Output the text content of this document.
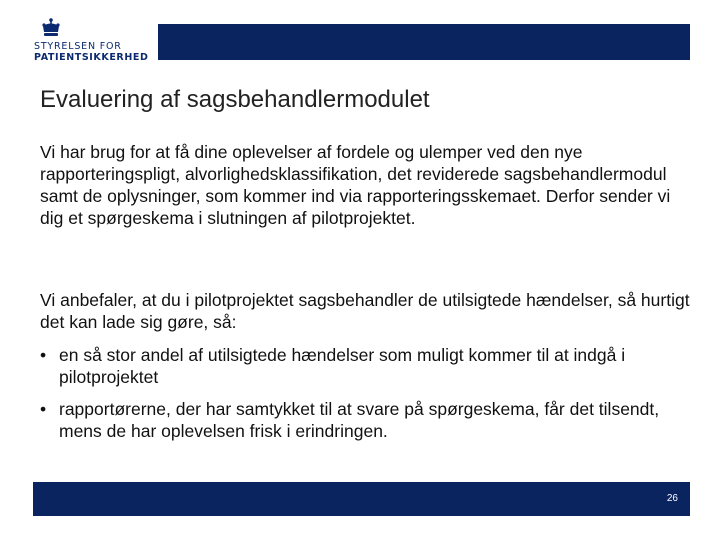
STYRELSEN FOR
PATIENTSIKKERHED
Evaluering af sagsbehandlermodulet

Vi har brug for at få dine oplevelser af fordele og ulemper ved den nye rapporteringspligt, alvorlighedsklassifikation, det reviderede sagsbehandlermodul samt de oplysninger, som kommer ind via rapporteringsskemaet. Derfor sender vi dig et spørgeskema i slutningen af pilotprojektet.

Vi anbefaler, at du i pilotprojektet sagsbehandler de utilsigtede hændelser, så hurtigt det kan lade sig gøre, så:

• en så stor andel af utilsigtede hændelser som muligt kommer til at indgå i pilotprojektet
• rapportørerne, der har samtykket til at svare på spørgeskema, får det tilsendt, mens de har oplevelsen frisk i erindringen.
26
